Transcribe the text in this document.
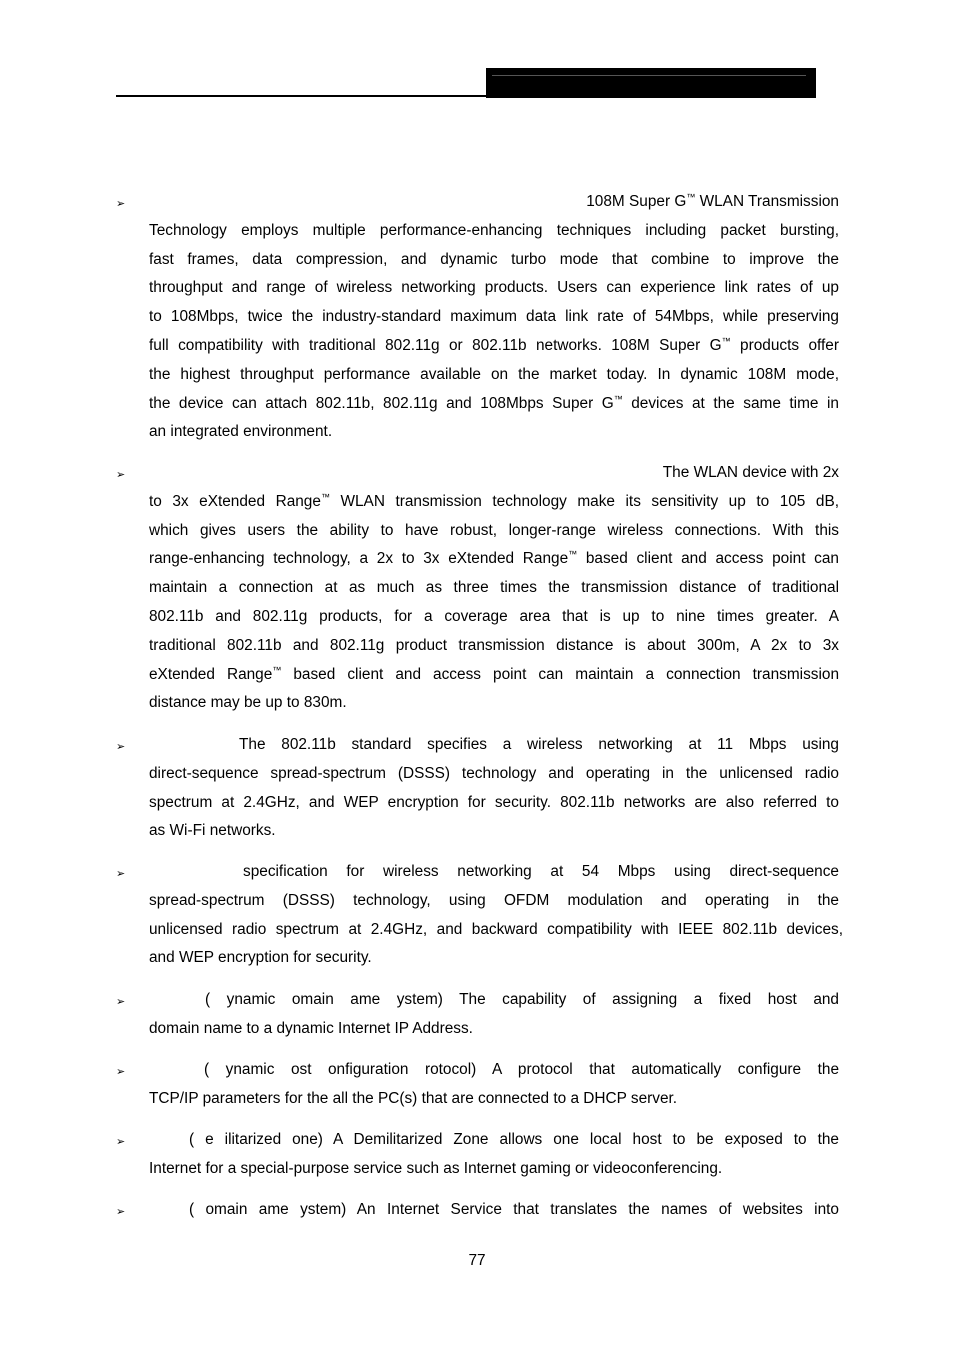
➢	108M Super G™ WLAN Transmission
Technology employs multiple performance-enhancing techniques including packet bursting,
fast frames, data compression, and dynamic turbo mode that combine to improve the
throughput and range of wireless networking products. Users can experience link rates of up
to 108Mbps, twice the industry-standard maximum data link rate of 54Mbps, while preserving
full compatibility with traditional 802.11g or 802.11b networks. 108M Super G™ products offer
the highest throughput performance available on the market today. In dynamic 108M mode,
the device can attach 802.11b, 802.11g and 108Mbps Super G™ devices at the same time in
an integrated environment.
➢	The WLAN device with 2x
to 3x eXtended Range™ WLAN transmission technology make its sensitivity up to 105 dB,
which gives users the ability to have robust, longer-range wireless connections. With this
range-enhancing technology, a 2x to 3x eXtended Range™ based client and access point can
maintain a connection at as much as three times the transmission distance of traditional
802.11b and 802.11g products, for a coverage area that is up to nine times greater. A
traditional 802.11b and 802.11g product transmission distance is about 300m, A 2x to 3x
eXtended Range™ based client and access point can maintain a connection transmission
distance may be up to 830m.
➢	The 802.11b standard specifies a wireless networking at 11 Mbps using
direct-sequence spread-spectrum (DSSS) technology and operating in the unlicensed radio
spectrum at 2.4GHz, and WEP encryption for security. 802.11b networks are also referred to
as Wi-Fi networks.
➢	specification for wireless networking at 54 Mbps using direct-sequence
spread-spectrum (DSSS) technology, using OFDM modulation and operating in the
unlicensed radio spectrum at 2.4GHz, and backward compatibility with IEEE 802.11b devices,
and WEP encryption for security.
➢	( ynamic omain ame ystem) The capability of assigning a fixed host and
domain name to a dynamic Internet IP Address.
➢	( ynamic ost onfiguration rotocol) A protocol that automatically configure the
TCP/IP parameters for the all the PC(s) that are connected to a DHCP server.
➢	( e ilitarized one) A Demilitarized Zone allows one local host to be exposed to the
Internet for a special-purpose service such as Internet gaming or videoconferencing.
➢	( omain ame ystem) An Internet Service that translates the names of websites into
77
